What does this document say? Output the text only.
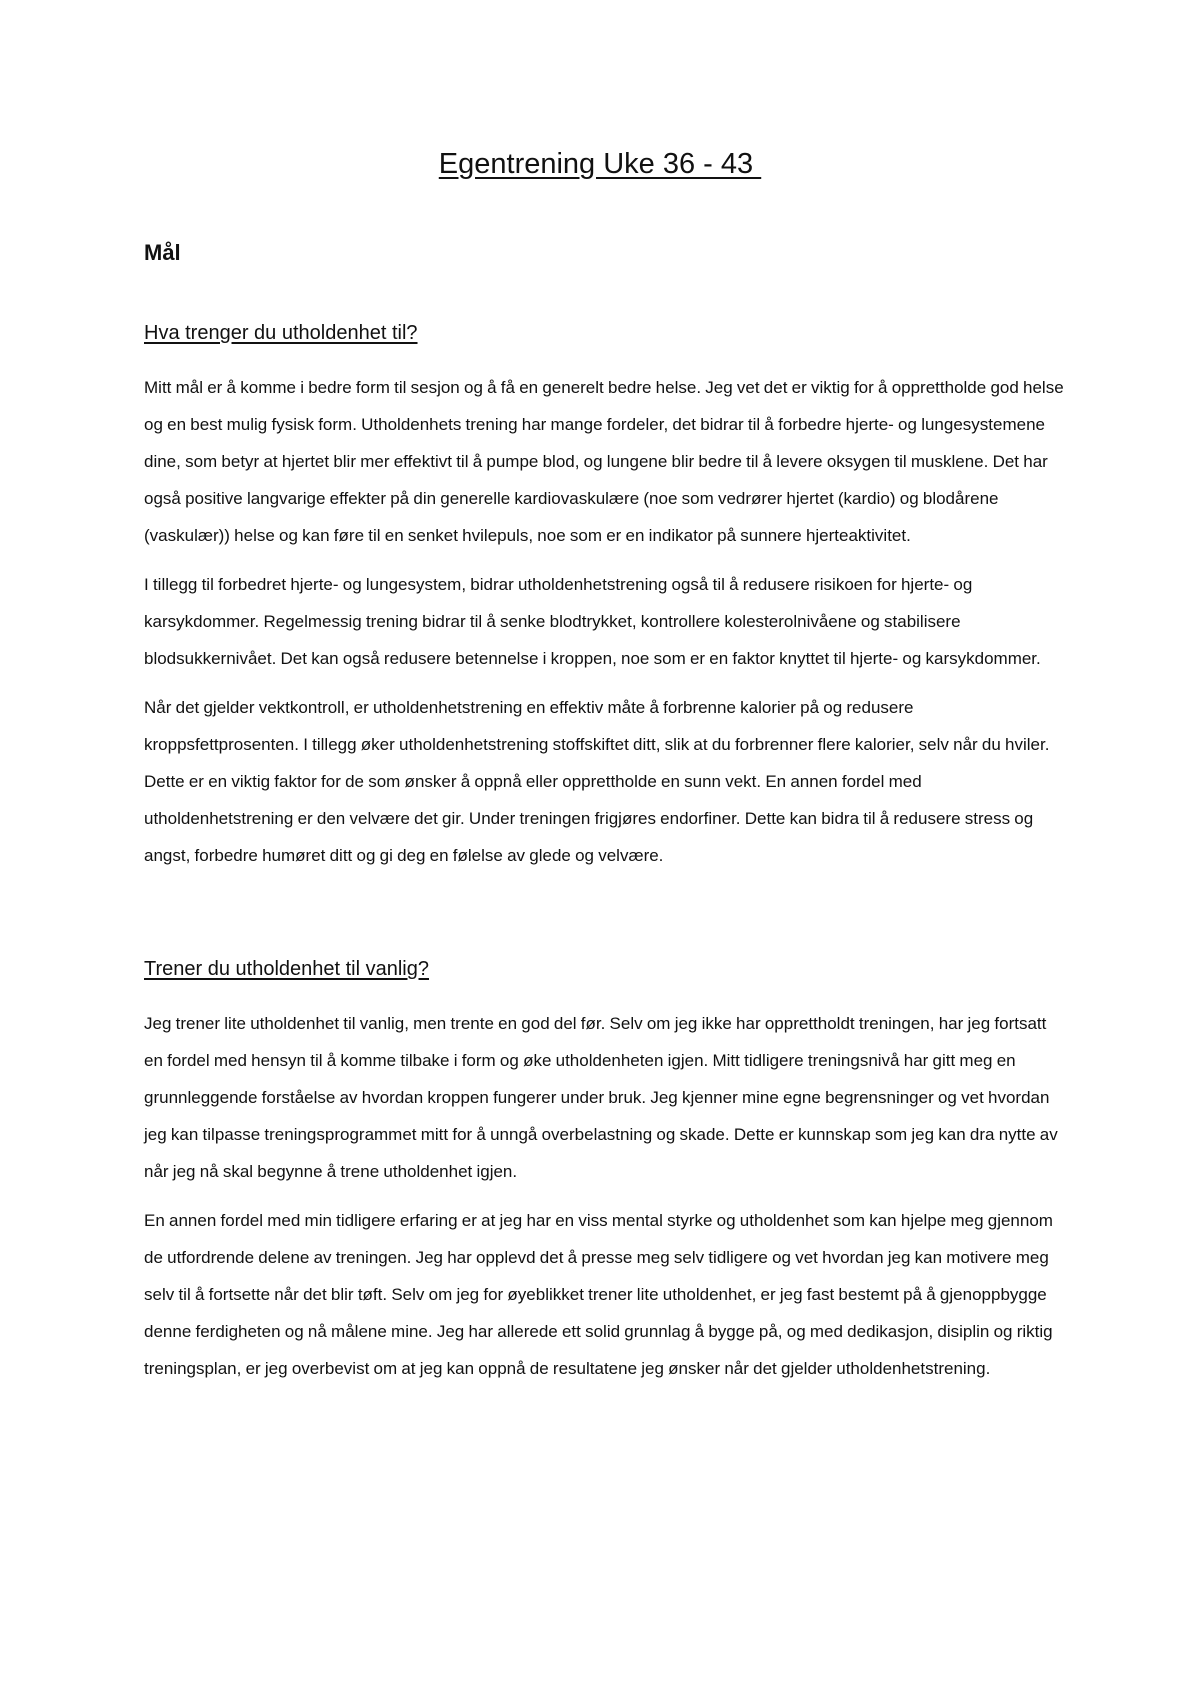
Egentrening Uke 36 - 43
Mål
Hva trenger du utholdenhet til?

Mitt mål er å komme i bedre form til sesjon og å få en generelt bedre helse. Jeg vet det er viktig for å opprettholde god helse og en best mulig fysisk form. Utholdenhets trening har mange fordeler, det bidrar til å forbedre hjerte- og lungesystemene dine, som betyr at hjertet blir mer effektivt til å pumpe blod, og lungene blir bedre til å levere oksygen til musklene. Det har også positive langvarige effekter på din generelle kardiovaskulære (noe som vedrører hjertet (kardio) og blodårene (vaskulær)) helse og kan føre til en senket hvilepuls, noe som er en indikator på sunnere hjerteaktivitet.

I tillegg til forbedret hjerte- og lungesystem, bidrar utholdenhetstrening også til å redusere risikoen for hjerte- og karsykdommer. Regelmessig trening bidrar til å senke blodtrykket, kontrollere kolesterolnivåene og stabilisere blodsukkernivået. Det kan også redusere betennelse i kroppen, noe som er en faktor knyttet til hjerte- og karsykdommer.

Når det gjelder vektkontroll, er utholdenhetstrening en effektiv måte å forbrenne kalorier på og redusere kroppsfettprosenten. I tillegg øker utholdenhetstrening stoffskiftet ditt, slik at du forbrenner flere kalorier, selv når du hviler. Dette er en viktig faktor for de som ønsker å oppnå eller opprettholde en sunn vekt. En annen fordel med utholdenhetstrening er den velvære det gir. Under treningen frigjøres endorfiner. Dette kan bidra til å redusere stress og angst, forbedre humøret ditt og gi deg en følelse av glede og velvære.

Trener du utholdenhet til vanlig?

Jeg trener lite utholdenhet til vanlig, men trente en god del før. Selv om jeg ikke har opprettholdt treningen, har jeg fortsatt en fordel med hensyn til å komme tilbake i form og øke utholdenheten igjen. Mitt tidligere treningsnivå har gitt meg en grunnleggende forståelse av hvordan kroppen fungerer under bruk. Jeg kjenner mine egne begrensninger og vet hvordan jeg kan tilpasse treningsprogrammet mitt for å unngå overbelastning og skade. Dette er kunnskap som jeg kan dra nytte av når jeg nå skal begynne å trene utholdenhet igjen.

En annen fordel med min tidligere erfaring er at jeg har en viss mental styrke og utholdenhet som kan hjelpe meg gjennom de utfordrende delene av treningen. Jeg har opplevd det å presse meg selv tidligere og vet hvordan jeg kan motivere meg selv til å fortsette når det blir tøft. Selv om jeg for øyeblikket trener lite utholdenhet, er jeg fast bestemt på å gjenoppbygge denne ferdigheten og nå målene mine. Jeg har allerede ett solid grunnlag å bygge på, og med dedikasjon, disiplin og riktig treningsplan, er jeg overbevist om at jeg kan oppnå de resultatene jeg ønsker når det gjelder utholdenhetstrening.
